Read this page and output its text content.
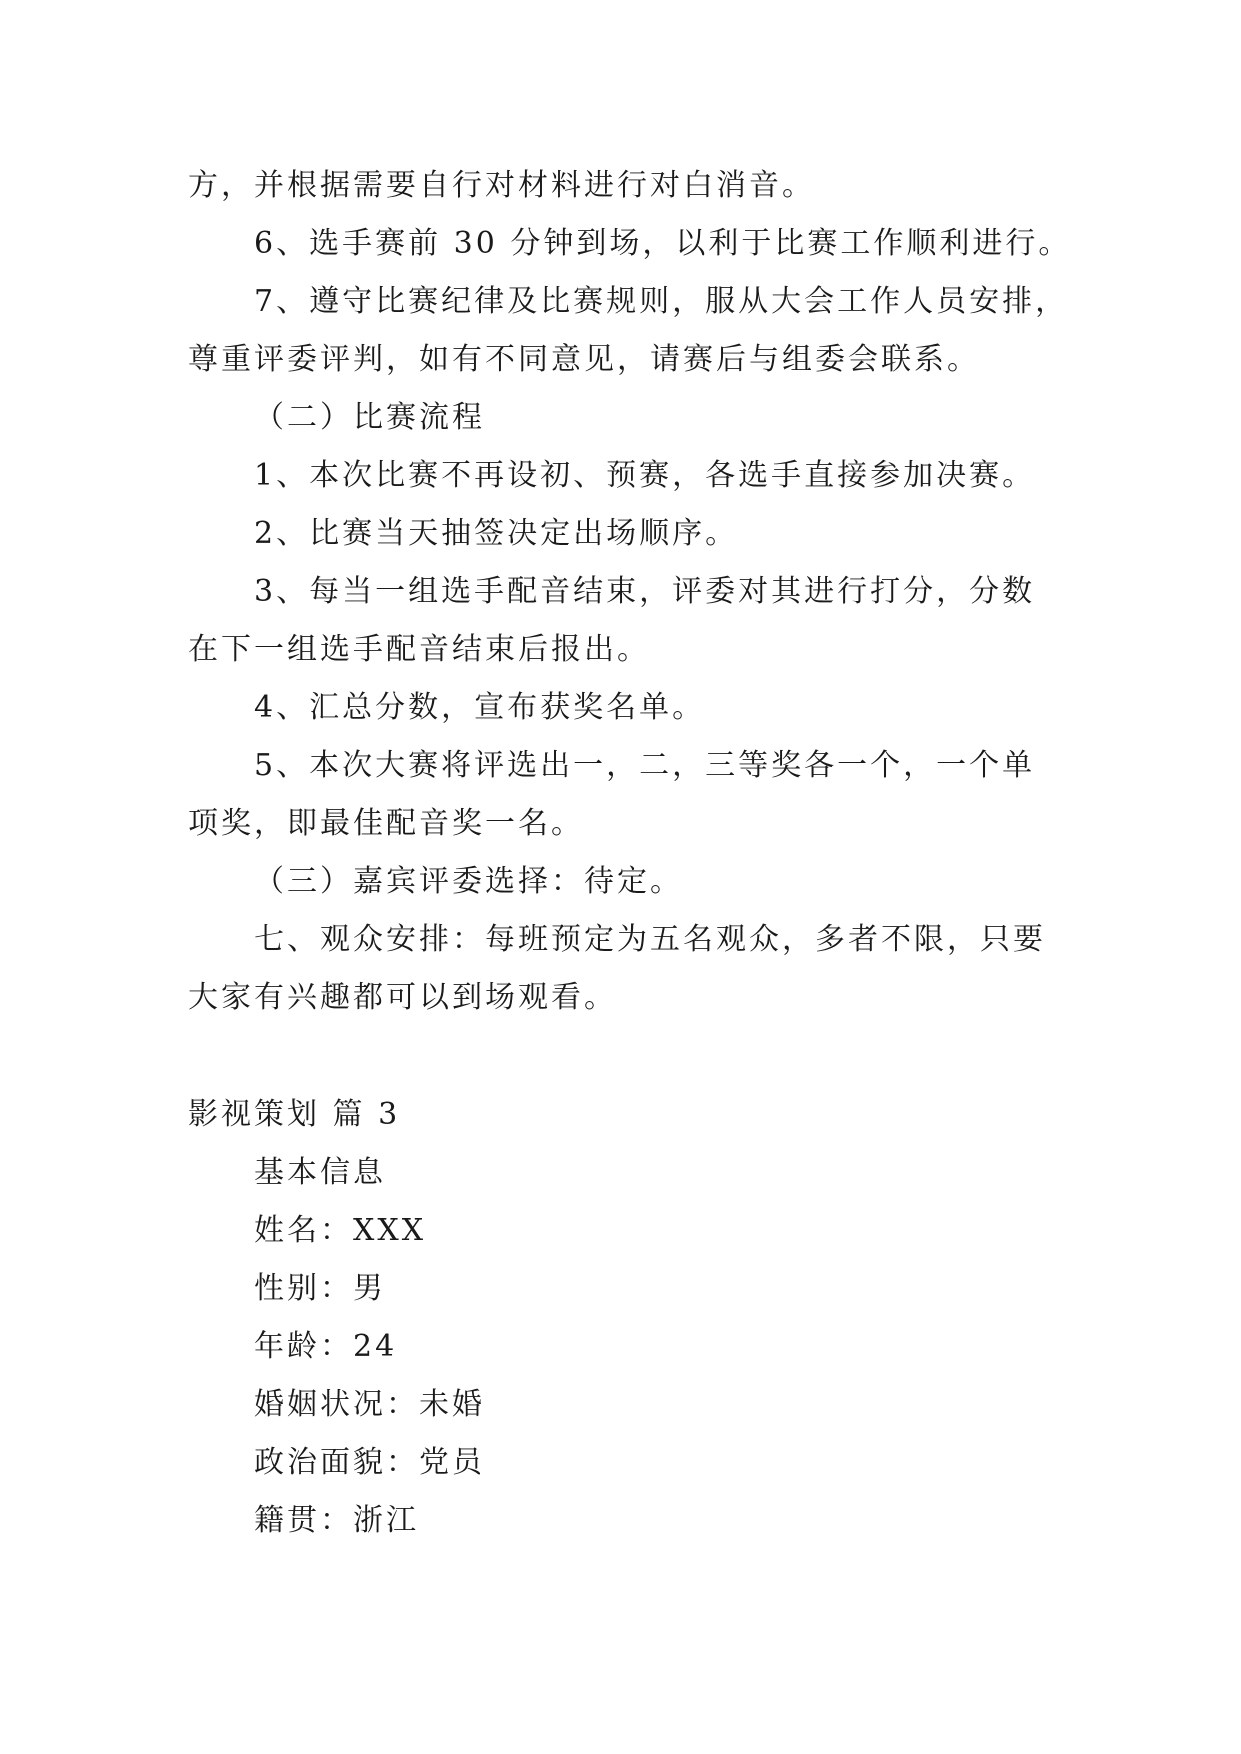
方，并根据需要自行对材料进行对白消音。
6、选手赛前 30 分钟到场，以利于比赛工作顺利进行。
7、遵守比赛纪律及比赛规则，服从大会工作人员安排，
尊重评委评判，如有不同意见，请赛后与组委会联系。
（二）比赛流程
1、本次比赛不再设初、预赛，各选手直接参加决赛。
2、比赛当天抽签决定出场顺序。
3、每当一组选手配音结束，评委对其进行打分，分数
在下一组选手配音结束后报出。
4、汇总分数，宣布获奖名单。
5、本次大赛将评选出一，二，三等奖各一个，一个单
项奖，即最佳配音奖一名。
（三）嘉宾评委选择：待定。
七、观众安排：每班预定为五名观众，多者不限，只要
大家有兴趣都可以到场观看。
影视策划 篇 3
基本信息
姓名：XXX
性别：男
年龄：24
婚姻状况：未婚
政治面貌：党员
籍贯：浙江
